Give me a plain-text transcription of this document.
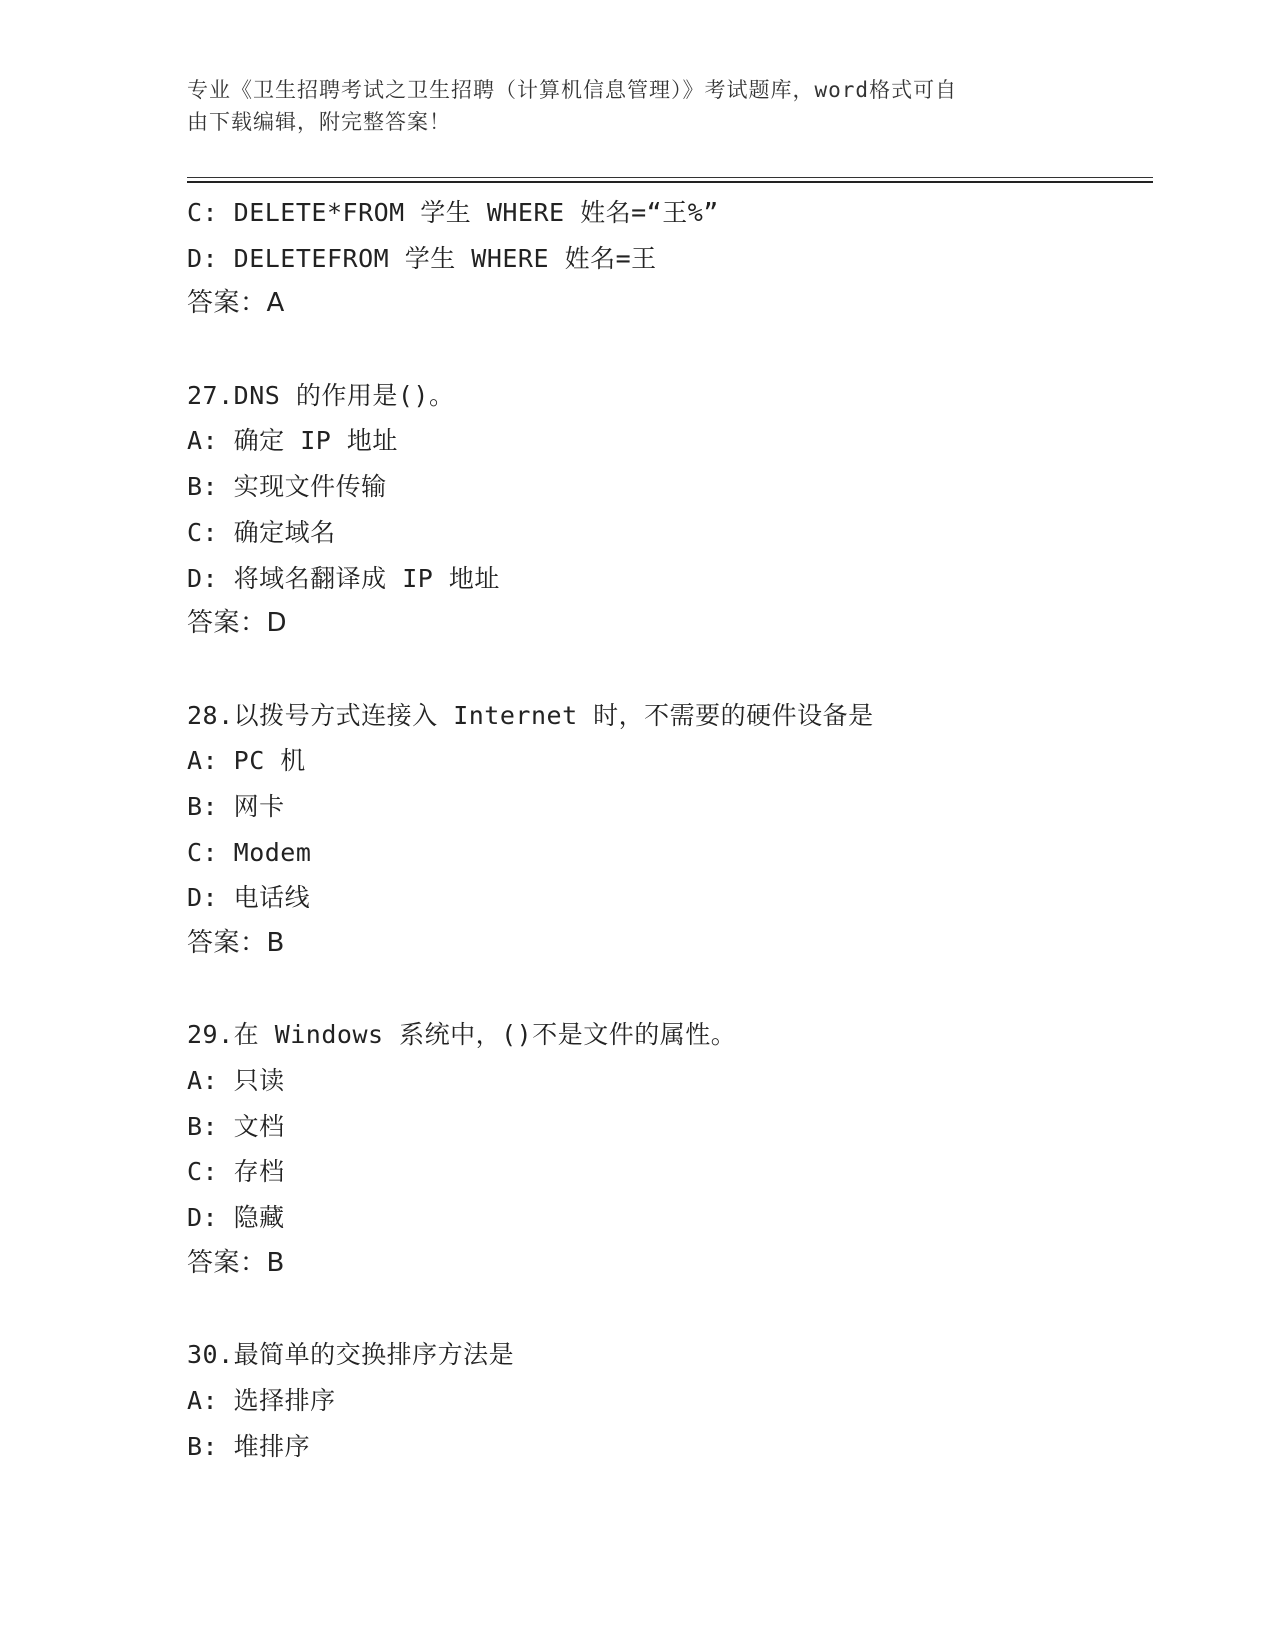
专业《卫生招聘考试之卫生招聘（计算机信息管理）》考试题库，word格式可自
由下载编辑，附完整答案！
C: DELETE*FROM 学生 WHERE 姓名=“王%”
D: DELETEFROM 学生 WHERE 姓名=王
答案：A
27.DNS 的作用是()。
A: 确定 IP 地址
B: 实现文件传输
C: 确定域名
D: 将域名翻译成 IP 地址
答案：D
28.以拨号方式连接入 Internet 时，不需要的硬件设备是
A: PC 机
B: 网卡
C: Modem
D: 电话线
答案：B
29.在 Windows 系统中，()不是文件的属性。
A: 只读
B: 文档
C: 存档
D: 隐藏
答案：B
30.最简单的交换排序方法是
A: 选择排序
B: 堆排序
